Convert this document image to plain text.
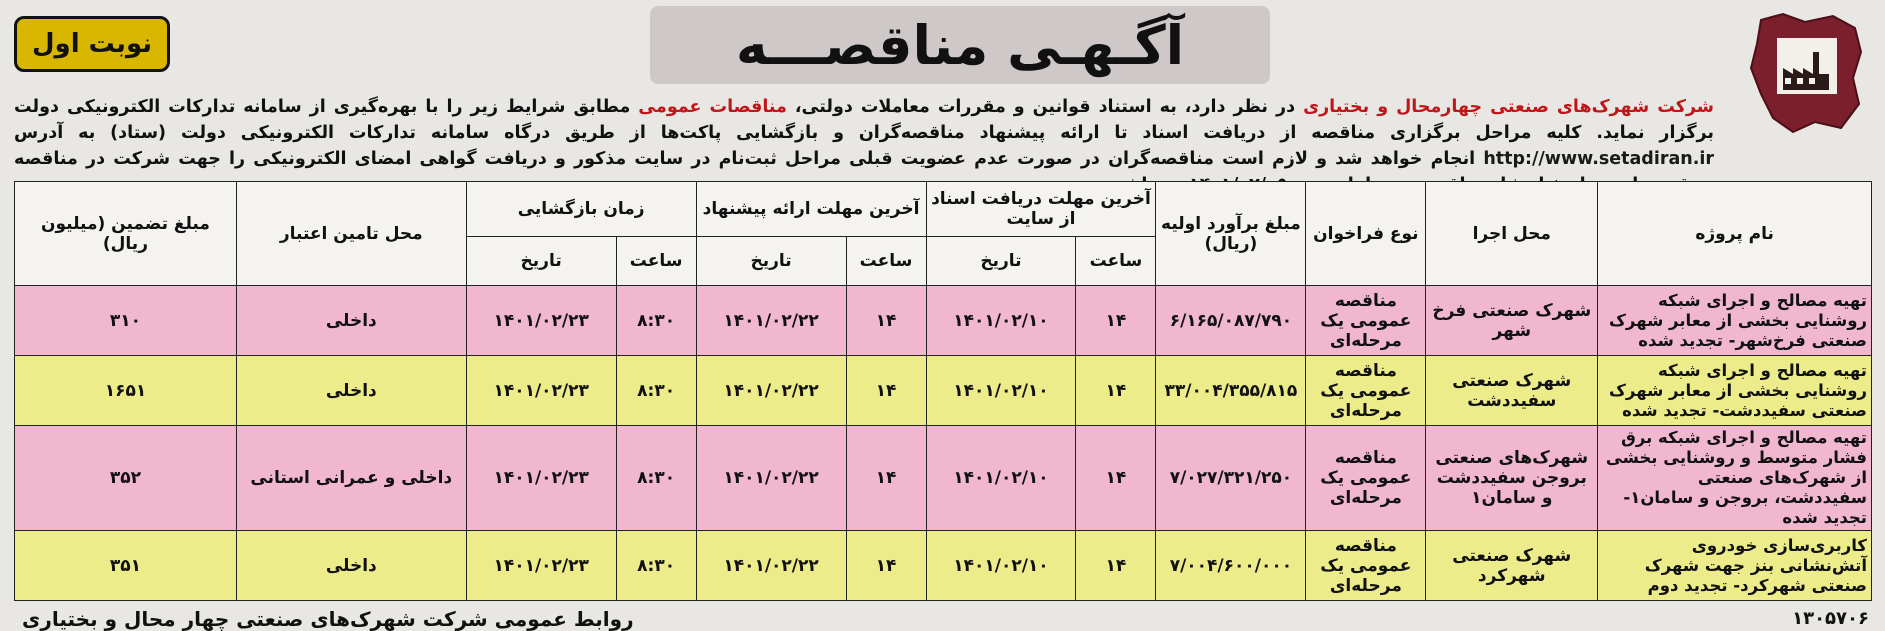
نوبت اول	آگـهـی مناقصـــه
شرکت شهرک‌های صنعتی چهارمحال و بختیاری در نظر دارد، به استناد قوانین و مقررات معاملات دولتی، مناقصات عمومی مطابق شرایط زیر را با بهره‌گیری از سامانه تدارکات الکترونیکی دولت برگزار نماید. کلیه مراحل برگزاری مناقصه از دریافت اسناد تا ارائه پیشنهاد مناقصه‌گران و بازگشایی پاکت‌ها از طریق درگاه سامانه تدارکات الکترونیکی دولت (ستاد) به آدرس http://www.setadiran.ir انجام خواهد شد و لازم است مناقصه‌گران در صورت عدم عضویت قبلی مراحل ثبت‌نام در سایت مذکور و دریافت گواهی امضای الکترونیکی را جهت شرکت در مناقصه
نام پروژه	محل اجرا	نوع فراخوان	مبلغ برآورد اولیه (ریال)	آخرین مهلت دریافت اسناد از سایت		آخرین مهلت ارائه پیشنهاد		زمان بازگشایی		محل تامین اعتبار	مبلغ تضمین (میلیون ریال)
				ساعت	تاریخ	ساعت	تاریخ	ساعت	تاریخ		
تهیه مصالح و اجرای شبکه روشنایی بخشی از معابر شهرک صنعتی فرخ‌شهر- تجدید شده	شهرک صنعتی فرخ شهر	مناقصه عمومی یک مرحله‌ای	۶/۱۶۵/۰۸۷/۷۹۰	۱۴	۱۴۰۱/۰۲/۱۰	۱۴	۱۴۰۱/۰۲/۲۲	۸:۳۰	۱۴۰۱/۰۲/۲۳	داخلی	۳۱۰
تهیه مصالح و اجرای شبکه روشنایی بخشی از معابر شهرک صنعتی سفیددشت- تجدید شده	شهرک صنعتی سفیددشت	مناقصه عمومی یک مرحله‌ای	۳۳/۰۰۴/۳۵۵/۸۱۵	۱۴	۱۴۰۱/۰۲/۱۰	۱۴	۱۴۰۱/۰۲/۲۲	۸:۳۰	۱۴۰۱/۰۲/۲۳	داخلی	۱۶۵۱
تهیه مصالح و اجرای شبکه برق فشار متوسط و روشنایی بخشی از شهرک‌های صنعتی سفیددشت، بروجن و سامان۱- تجدید شده	شهرک‌های صنعتی بروجن سفیددشت و سامان۱	مناقصه عمومی یک مرحله‌ای	۷/۰۲۷/۳۲۱/۲۵۰	۱۴	۱۴۰۱/۰۲/۱۰	۱۴	۱۴۰۱/۰۲/۲۲	۸:۳۰	۱۴۰۱/۰۲/۲۳	داخلی و عمرانی استانی	۳۵۲
کاربری‌سازی خودروی آتش‌نشانی بنز جهت شهرک صنعتی شهرکرد- تجدید دوم	شهرک صنعتی شهرکرد	مناقصه عمومی یک مرحله‌ای	۷/۰۰۴/۶۰۰/۰۰۰	۱۴	۱۴۰۱/۰۲/۱۰	۱۴	۱۴۰۱/۰۲/۲۲	۸:۳۰	۱۴۰۱/۰۲/۲۳	داخلی	۳۵۱
روابط عمومی شرکت شهرک‌های صنعتی چهار محال و بختیاری	۱۳۰۵۷۰۶
